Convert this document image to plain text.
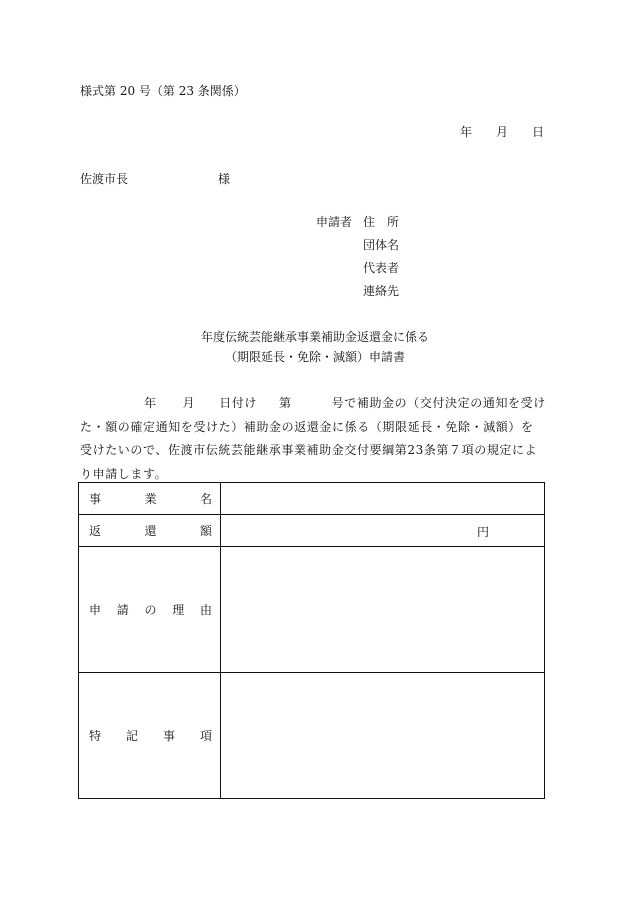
様式第 20 号（第 23 条関係）
年 月 日
佐渡市長	様
申請者 住　所
団体名
代表者
連絡先
年度伝統芸能継承事業補助金返還金に係る
（期限延長・免除・減額）申請書
年 月 日付け 第	号で補助金の（交付決定の通知を受けた・額の確定通知を受けた）補助金の返還金に係る（期限延長・免除・減額）を受けたいので、佐渡市伝統芸能継承事業補助金交付要綱第23条第７項の規定により申請します。
事 業 名	

返 還 額	円

申 請 の 理 由	

特 記 事 項	
